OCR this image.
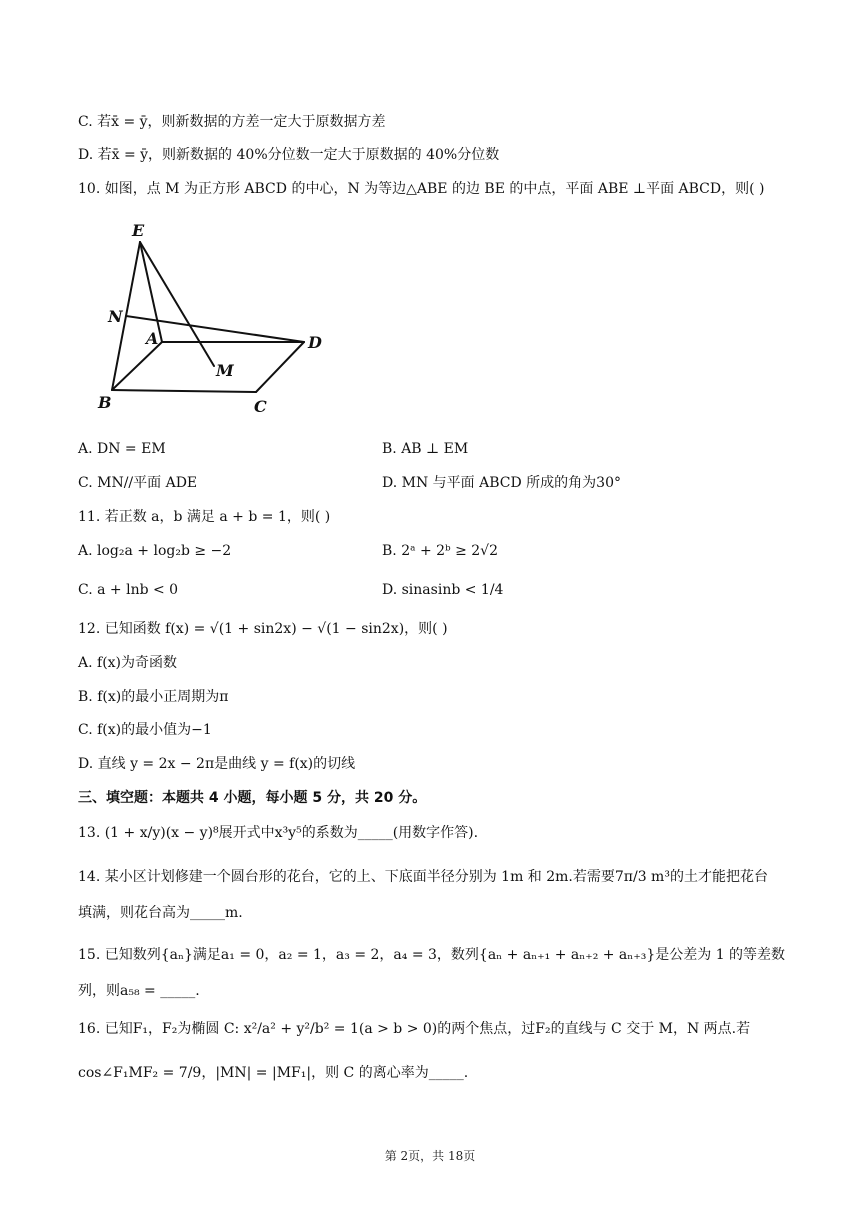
C. 若x̄ = ȳ，则新数据的方差一定大于原数据方差
D. 若x̄ = ȳ，则新数据的 40%分位数一定大于原数据的 40%分位数
10. 如图，点 M 为正方形 ABCD 的中心，N 为等边△ABE 的边 BE 的中点，平面 ABE ⊥平面 ABCD，则( )
E
N
A	D
M
B	C
A. DN = EM	B. AB ⊥ EM
C. MN//平面 ADE	D. MN 与平面 ABCD 所成的角为30°
11. 若正数 a，b 满足 a + b = 1，则( )
A. log₂a + log₂b ≥ −2	B. 2ᵃ + 2ᵇ ≥ 2√2
C. a + lnb < 0	D. sinasinb < 1/4
12. 已知函数 f(x) = √(1 + sin2x) − √(1 − sin2x)，则( )
A. f(x)为奇函数
B. f(x)的最小正周期为π
C. f(x)的最小值为−1
D. 直线 y = 2x − 2π是曲线 y = f(x)的切线
三、填空题：本题共 4 小题，每小题 5 分，共 20 分。
13. (1 + x/y)(x − y)⁸展开式中x³y⁵的系数为_____(用数字作答).
14. 某小区计划修建一个圆台形的花台，它的上、下底面半径分别为 1m 和 2m.若需要7π/3 m³的土才能把花台
填满，则花台高为_____m.
15. 已知数列{aₙ}满足a₁ = 0，a₂ = 1，a₃ = 2，a₄ = 3，数列{aₙ + aₙ₊₁ + aₙ₊₂ + aₙ₊₃}是公差为 1 的等差数
列，则a₅₈ = _____.
16. 已知F₁，F₂为椭圆 C: x²/a² + y²/b² = 1(a > b > 0)的两个焦点，过F₂的直线与 C 交于 M，N 两点.若
cos∠F₁MF₂ = 7/9，|MN| = |MF₁|，则 C 的离心率为_____.
第 2页，共 18页
